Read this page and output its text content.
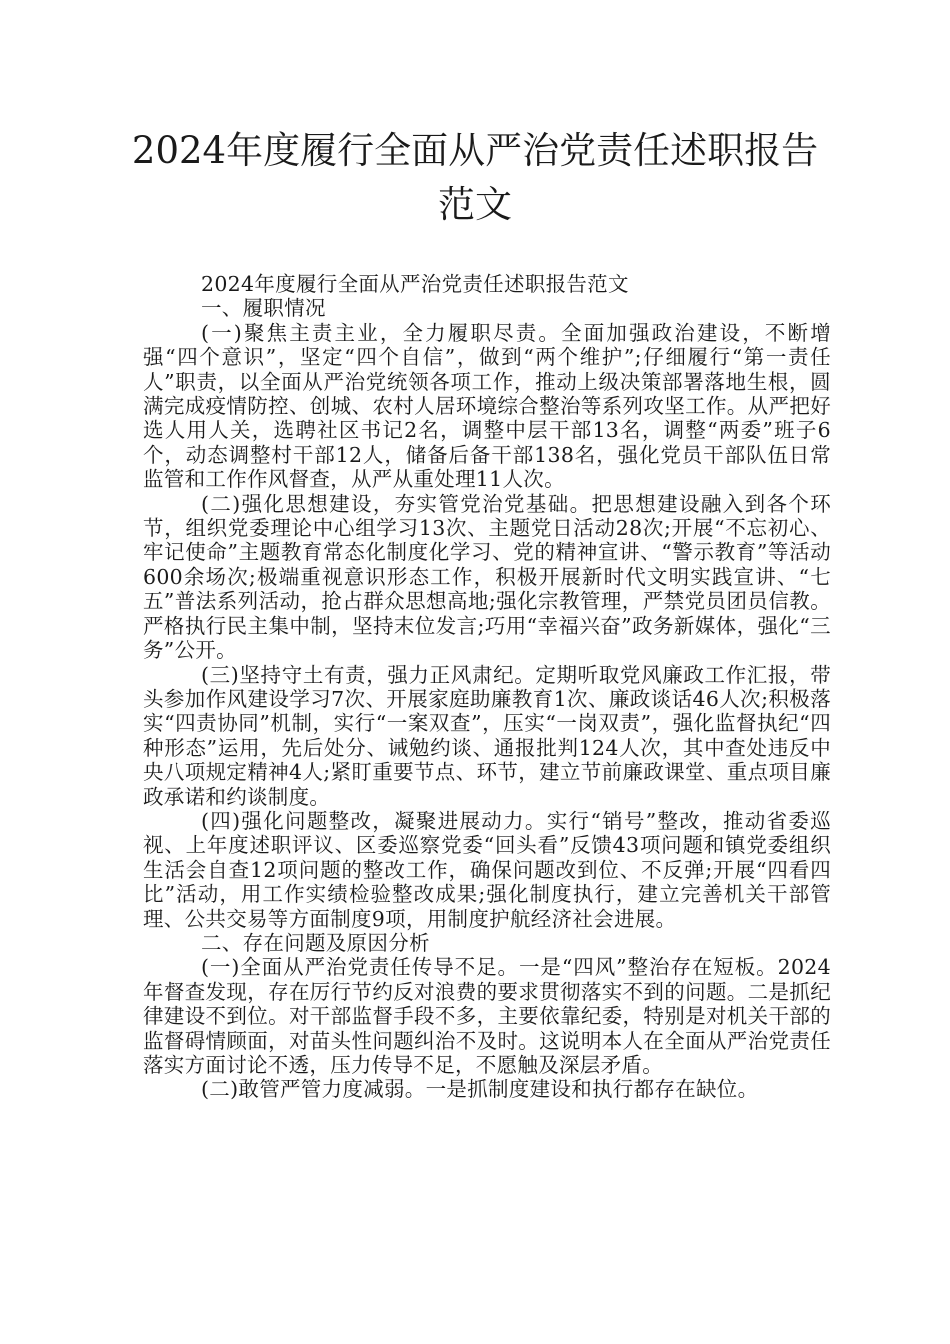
2024年度履行全面从严治党责任述职报告
范文

2024年度履行全面从严治党责任述职报告范文

一、履职情况

(一)聚焦主责主业，全力履职尽责。全面加强政治建设，不断增强“四个意识”，坚定“四个自信”，做到“两个维护”;仔细履行“第一责任人”职责，以全面从严治党统领各项工作，推动上级决策部署落地生根，圆满完成疫情防控、创城、农村人居环境综合整治等系列攻坚工作。从严把好选人用人关，选聘社区书记2名，调整中层干部13名，调整“两委”班子6个，动态调整村干部12人，储备后备干部138名，强化党员干部队伍日常监管和工作作风督查，从严从重处理11人次。

(二)强化思想建设，夯实管党治党基础。把思想建设融入到各个环节，组织党委理论中心组学习13次、主题党日活动28次;开展“不忘初心、牢记使命”主题教育常态化制度化学习、党的精神宣讲、“警示教育”等活动600余场次;极端重视意识形态工作，积极开展新时代文明实践宣讲、“七五”普法系列活动，抢占群众思想高地;强化宗教管理，严禁党员团员信教。严格执行民主集中制，坚持末位发言;巧用“幸福兴奋”政务新媒体，强化“三务”公开。

(三)坚持守土有责，强力正风肃纪。定期听取党风廉政工作汇报，带头参加作风建设学习7次、开展家庭助廉教育1次、廉政谈话46人次;积极落实“四责协同”机制，实行“一案双查”，压实“一岗双责”，强化监督执纪“四种形态”运用，先后处分、诫勉约谈、通报批判124人次，其中查处违反中央八项规定精神4人;紧盯重要节点、环节，建立节前廉政课堂、重点项目廉政承诺和约谈制度。

(四)强化问题整改，凝聚进展动力。实行“销号”整改，推动省委巡视、上年度述职评议、区委巡察党委“回头看”反馈43项问题和镇党委组织生活会自查12项问题的整改工作，确保问题改到位、不反弹;开展“四看四比”活动，用工作实绩检验整改成果;强化制度执行，建立完善机关干部管理、公共交易等方面制度9项，用制度护航经济社会进展。

二、存在问题及原因分析

(一)全面从严治党责任传导不足。一是“四风”整治存在短板。2024年督查发现，存在厉行节约反对浪费的要求贯彻落实不到的问题。二是抓纪律建设不到位。对干部监督手段不多，主要依靠纪委，特别是对机关干部的监督碍情顾面，对苗头性问题纠治不及时。这说明本人在全面从严治党责任落实方面讨论不透，压力传导不足，不愿触及深层矛盾。

(二)敢管严管力度减弱。一是抓制度建设和执行都存在缺位。
